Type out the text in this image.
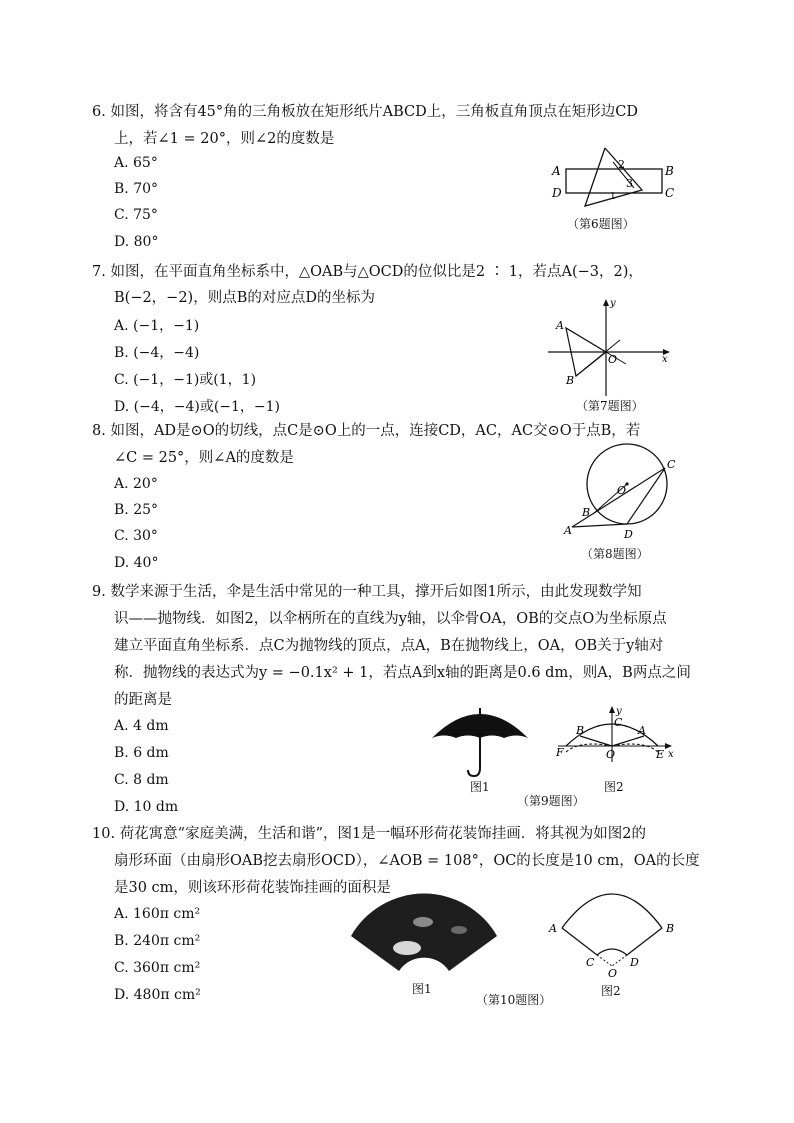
6. 如图，将含有45°角的三角板放在矩形纸片ABCD上，三角板直角顶点在矩形边CD
上，若∠1 = 20°，则∠2的度数是
A. 65°
B. 70°
C. 75°
D. 80°
A	B
D	C
2
3
1
（第6题图）
7. 如图，在平面直角坐标系中，△OAB与△OCD的位似比是2 ∶ 1，若点A(−3，2)，
B(−2，−2)，则点B的对应点D的坐标为
A. (−1，−1)
B. (−4，−4)
C. (−1，−1)或(1，1)
D. (−4，−4)或(−1，−1)
A
B
O	x
y
（第7题图）
8. 如图，AD是⊙O的切线，点C是⊙O上的一点，连接CD，AC，AC交⊙O于点B，若
∠C = 25°，则∠A的度数是
A. 20°
B. 25°
C. 30°
D. 40°
A
B
C
D
O
（第8题图）
9. 数学来源于生活，伞是生活中常见的一种工具，撑开后如图1所示，由此发现数学知
识——抛物线．如图2，以伞柄所在的直线为y轴，以伞骨OA，OB的交点O为坐标原点
建立平面直角坐标系．点C为抛物线的顶点，点A，B在抛物线上，OA，OB关于y轴对
称．抛物线的表达式为y = −0.1x² + 1，若点A到x轴的距离是0.6 dm，则A，B两点之间
的距离是
A. 4 dm
B. 6 dm
C. 8 dm
D. 10 dm
图1
B	A
C
O
F	E x
y
图2
（第9题图）
10. 荷花寓意“家庭美满，生活和谐”，图1是一幅环形荷花装饰挂画．将其视为如图2的
扇形环面（由扇形OAB挖去扇形OCD），∠AOB = 108°，OC的长度是10 cm，OA的长度
是30 cm，则该环形荷花装饰挂画的面积是
A. 160π cm²
B. 240π cm²
C. 360π cm²
D. 480π cm²	图1
（第10题图）
A	B
C	D
O
图2
